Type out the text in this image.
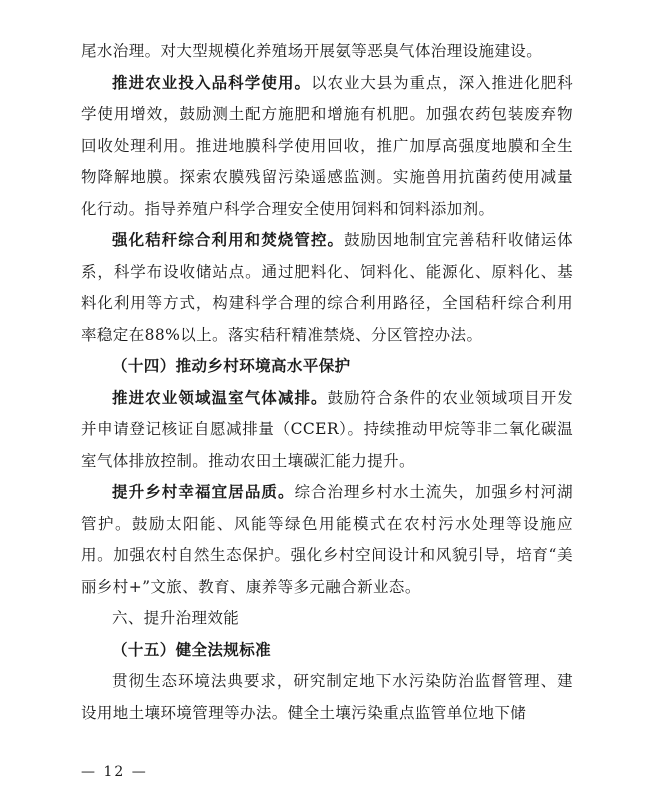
尾水治理。对大型规模化养殖场开展氨等恶臭气体治理设施建设。

推进农业投入品科学使用。以农业大县为重点，深入推进化肥科学使用增效，鼓励测土配方施肥和增施有机肥。加强农药包装废弃物回收处理利用。推进地膜科学使用回收，推广加厚高强度地膜和全生物降解地膜。探索农膜残留污染遥感监测。实施兽用抗菌药使用减量化行动。指导养殖户科学合理安全使用饲料和饲料添加剂。

强化秸秆综合利用和焚烧管控。鼓励因地制宜完善秸秆收储运体系，科学布设收储站点。通过肥料化、饲料化、能源化、原料化、基料化利用等方式，构建科学合理的综合利用路径，全国秸秆综合利用率稳定在88%以上。落实秸秆精准禁烧、分区管控办法。

（十四）推动乡村环境高水平保护

推进农业领域温室气体减排。鼓励符合条件的农业领域项目开发并申请登记核证自愿减排量（CCER）。持续推动甲烷等非二氧化碳温室气体排放控制。推动农田土壤碳汇能力提升。

提升乡村幸福宜居品质。综合治理乡村水土流失，加强乡村河湖管护。鼓励太阳能、风能等绿色用能模式在农村污水处理等设施应用。加强农村自然生态保护。强化乡村空间设计和风貌引导，培育“美丽乡村+”文旅、教育、康养等多元融合新业态。

六、提升治理效能

（十五）健全法规标准

贯彻生态环境法典要求，研究制定地下水污染防治监督管理、建设用地土壤环境管理等办法。健全土壤污染重点监管单位地下储

— 12 —
